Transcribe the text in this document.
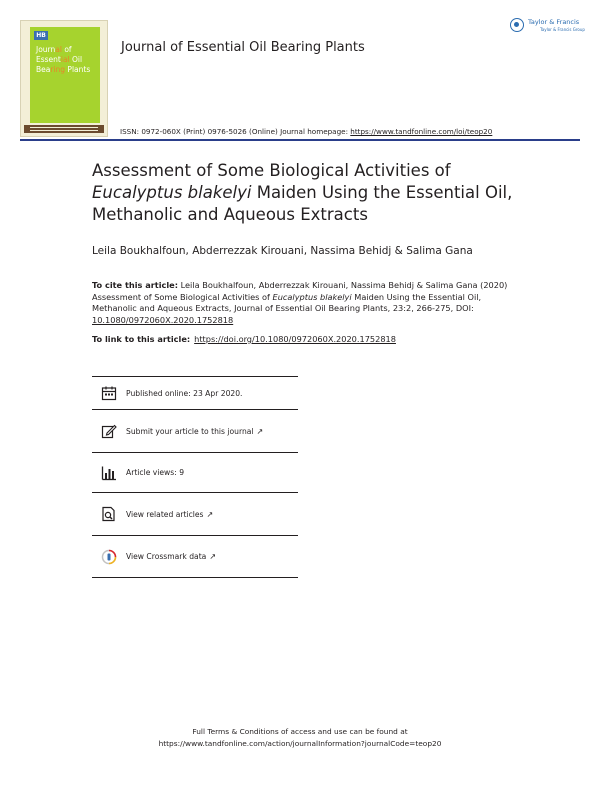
HB
Journal of
Essential Oil
Bearing Plants
Journal of Essential Oil Bearing Plants
Taylor & Francis
Taylor & Francis Group
ISSN: 0972-060X (Print) 0976-5026 (Online) Journal homepage: https://www.tandfonline.com/loi/teop20
Assessment of Some Biological Activities of
Eucalyptus blakelyi Maiden Using the Essential Oil,
Methanolic and Aqueous Extracts
Leila Boukhalfoun, Abderrezzak Kirouani, Nassima Behidj & Salima Gana
To cite this article: Leila Boukhalfoun, Abderrezzak Kirouani, Nassima Behidj & Salima Gana (2020) Assessment of Some Biological Activities of Eucalyptus blakelyi Maiden Using the Essential Oil, Methanolic and Aqueous Extracts, Journal of Essential Oil Bearing Plants, 23:2, 266-275, DOI: 10.1080/0972060X.2020.1752818
To link to this article: https://doi.org/10.1080/0972060X.2020.1752818
Published online: 23 Apr 2020.
Submit your article to this journal ↗
Article views: 9
View related articles ↗
View Crossmark data ↗
Full Terms & Conditions of access and use can be found at
https://www.tandfonline.com/action/journalInformation?journalCode=teop20
